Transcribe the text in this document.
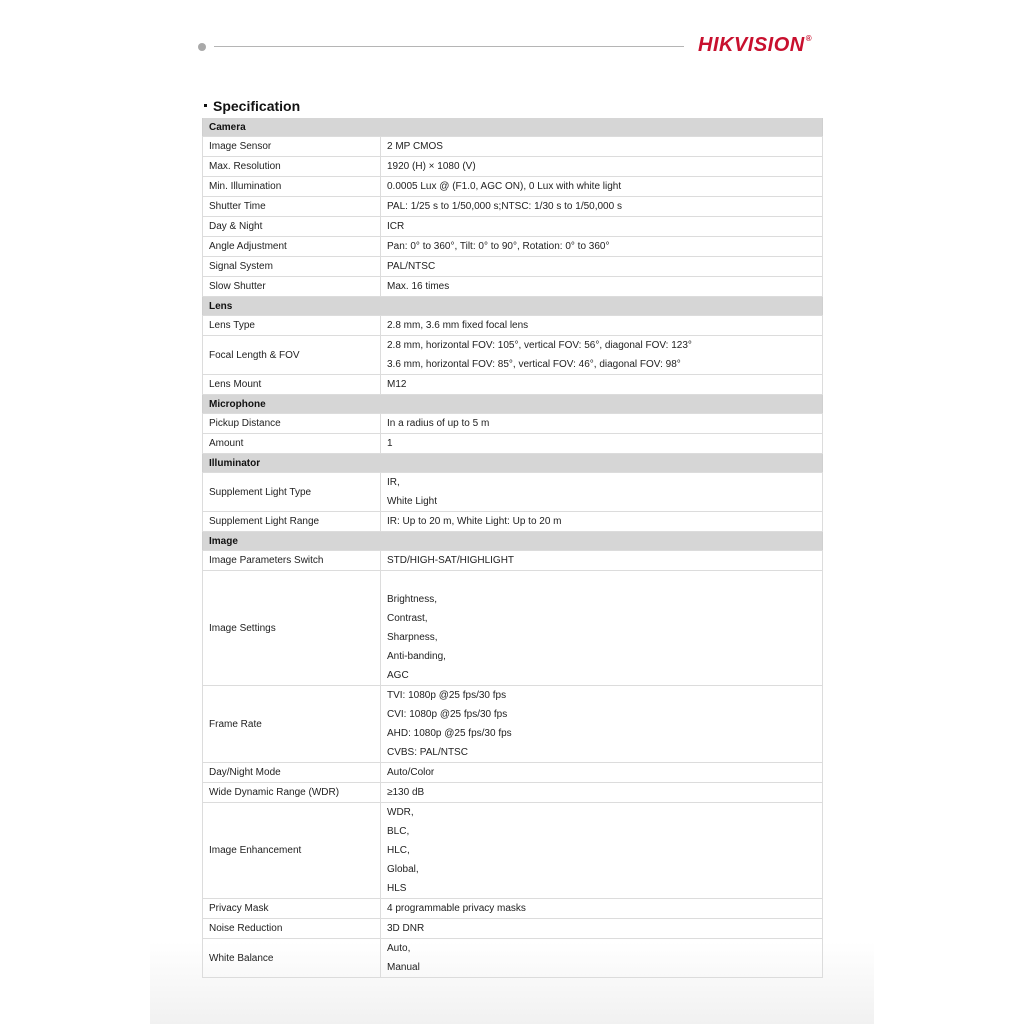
HIKVISION®
Specification
Camera	
Image Sensor	2 MP CMOS

Max. Resolution	1920 (H) × 1080 (V)

Min. Illumination	0.0005 Lux @ (F1.0, AGC ON), 0 Lux with white light

Shutter Time	PAL: 1/25 s to 1/50,000 s;NTSC: 1/30 s to 1/50,000 s

Day & Night	ICR

Angle Adjustment	Pan: 0° to 360°, Tilt: 0° to 90°, Rotation: 0° to 360°

Signal System	PAL/NTSC

Slow Shutter	Max. 16 times

Lens	
Lens Type	2.8 mm, 3.6 mm fixed focal lens

Focal Length & FOV	2.8 mm, horizontal FOV: 105°, vertical FOV: 56°, diagonal FOV: 123°
3.6 mm, horizontal FOV: 85°, vertical FOV: 46°, diagonal FOV: 98°

Lens Mount	M12

Microphone	
Pickup Distance	In a radius of up to 5 m

Amount	1

Illuminator	
Supplement Light Type	IR,
White Light

Supplement Light Range	IR: Up to 20 m, White Light: Up to 20 m

Image	
Image Parameters Switch	STD/HIGH-SAT/HIGHLIGHT

Image Settings	Brightness,
Contrast,
Sharpness,
Anti-banding,
AGC

Frame Rate	TVI: 1080p @25 fps/30 fps
CVI: 1080p @25 fps/30 fps
AHD: 1080p @25 fps/30 fps
CVBS: PAL/NTSC

Day/Night Mode	Auto/Color

Wide Dynamic Range (WDR)	≥130 dB

Image Enhancement	WDR,
BLC,
HLC,
Global,
HLS

Privacy Mask	4 programmable privacy masks

Noise Reduction	3D DNR

White Balance	Auto,
Manual
